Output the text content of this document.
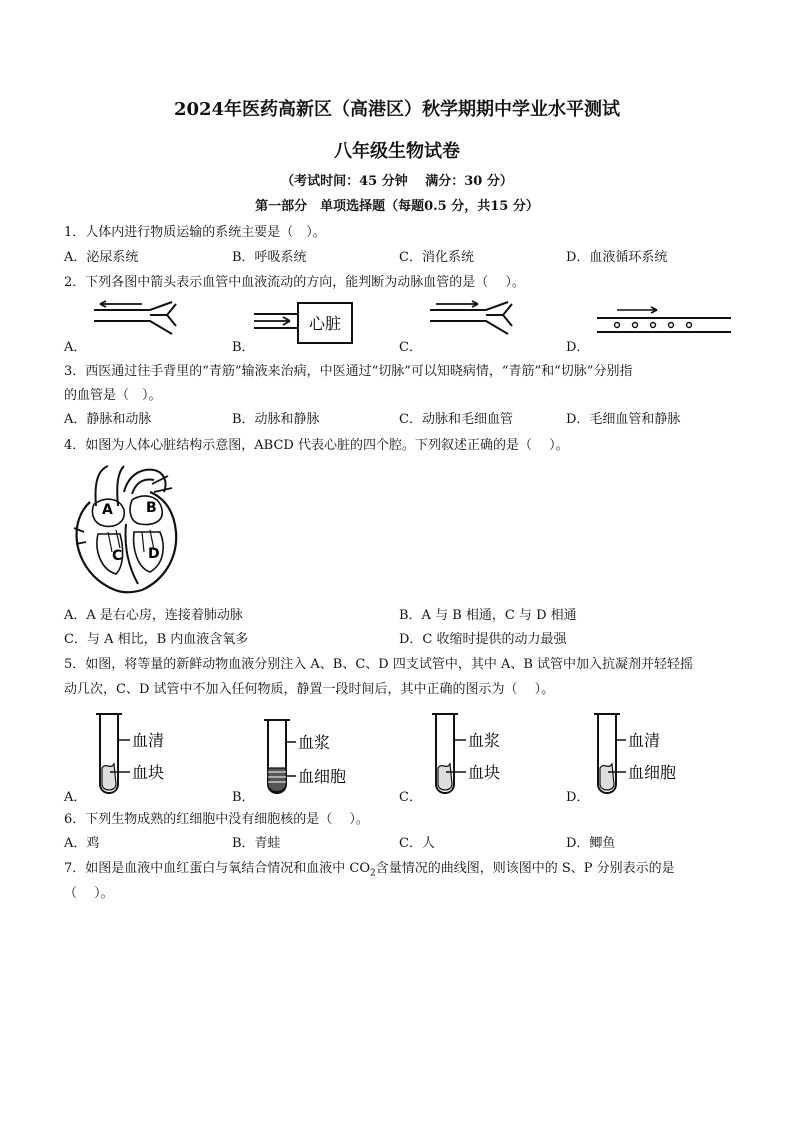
2024年医药高新区（高港区）秋学期期中学业水平测试
八年级生物试卷
（考试时间：45 分钟　 满分：30 分）
第一部分　单项选择题（每题0.5 分，共15 分）
1．人体内进行物质运输的系统主要是（　）。
A．泌尿系统	B．呼吸系统	C．消化系统	D．血液循环系统
2．下列各图中箭头表示血管中血液流动的方向，能判断为动脉血管的是（　 ）。
A．
心脏
B．	C．	D．
3．西医通过往手背里的“青筋”输液来治病，中医通过“切脉”可以知晓病情，“青筋”和“切脉”分别指
的血管是（　）。
A．静脉和动脉	B．动脉和静脉	C．动脉和毛细血管	D．毛细血管和静脉
4．如图为人体心脏结构示意图，ABCD 代表心脏的四个腔。下列叙述正确的是（　 ）。
A B
C D
A．A 是右心房，连接着肺动脉	B．A 与 B 相通，C 与 D 相通
C．与 A 相比，B 内血液含氧多	D．C 收缩时提供的动力最强
5．如图，将等量的新鲜动物血液分别注入 A、B、C、D 四支试管中，其中 A、B 试管中加入抗凝剂并轻轻摇
动几次，C、D 试管中不加入任何物质，静置一段时间后，其中正确的图示为（　 ）。
血清
血块
A．
血浆
血细胞
B．
血浆
血块
C．
血清
血细胞
D．
6．下列生物成熟的红细胞中没有细胞核的是（　 ）。
A．鸡	B．青蛙	C．人	D．鲫鱼
7．如图是血液中血红蛋白与氧结合情况和血液中 $CO_2$含量情况的曲线图，则该图中的 S、P 分别表示的是
（　 ）。
